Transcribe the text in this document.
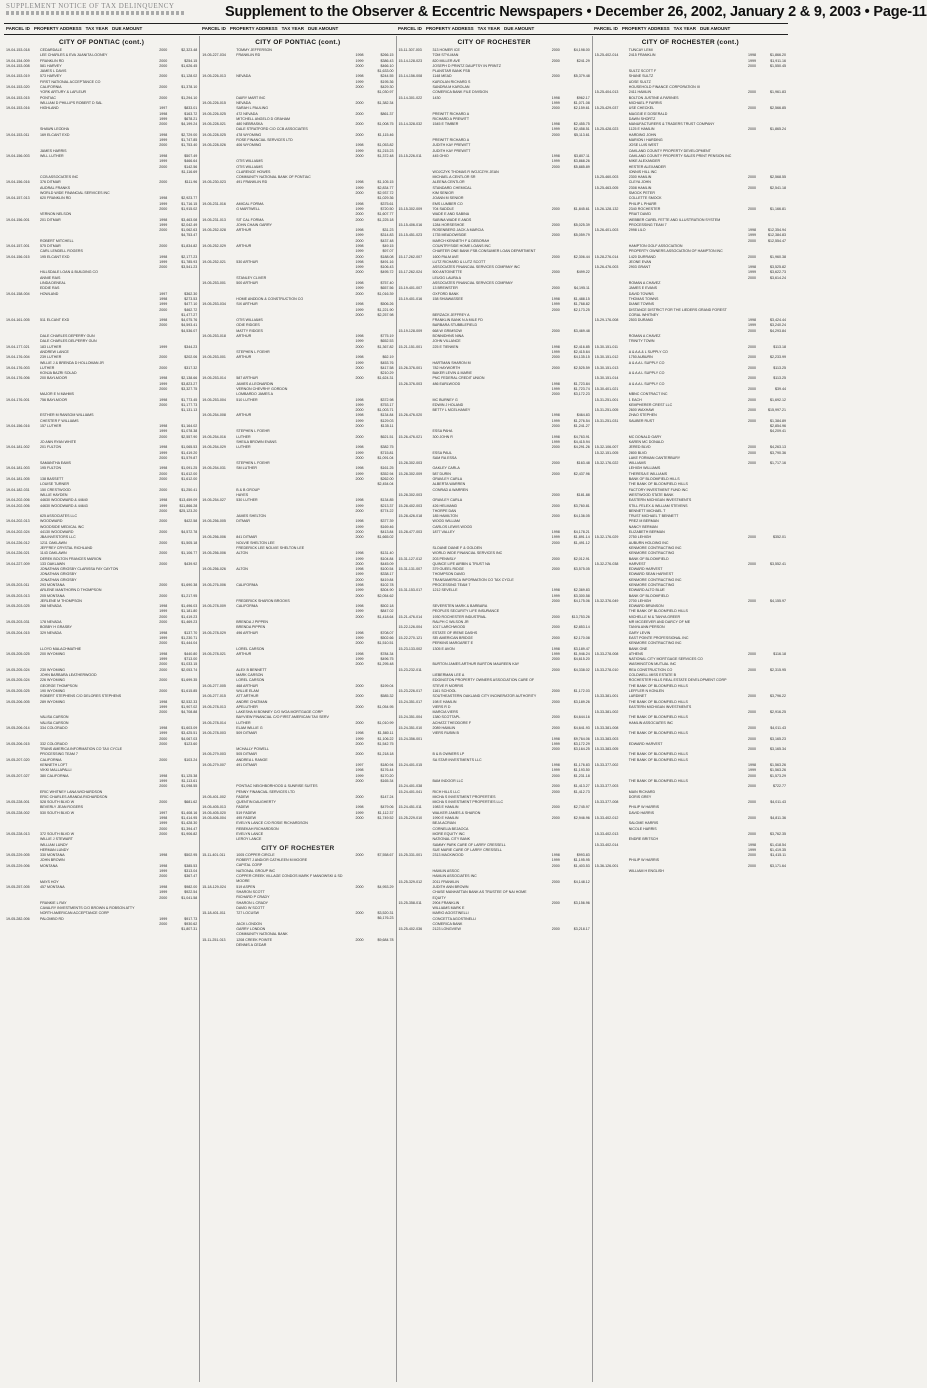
SUPPLEMENT NOTICE OF TAX DELINQUENCY	Supplement to the Observer & Eccentric Newspapers • December 26, 2002, January 2 & 9, 2003 • Page-11
PARCEL ID PROPERTY ADDRESS TAX YEAR DUE AMOUNT	PARCEL ID PROPERTY ADDRESS TAX YEAR DUE AMOUNT	PARCEL ID PROPERTY ADDRESS TAX YEAR DUE AMOUNT	PARCEL ID PROPERTY ADDRESS TAX YEAR DUE AMOUNT
CITY OF PONTIAC (cont.)
19-04-153-018	CEDARDALE	2000	$2,323.48
LEE CHARLES & EVA JUANITA LOONEY
19-04-154-009	FRANKLIN RD	2000	$254.15
19-04-153-008	581 HARVEY	2000	$1,626.45
JAMES L DAVIS
19-04-153-019	573 HARVEY	2000	$1,128.02
FIRST NATIONAL ACCEPTANCE CO
19-04-153-020	CALIFORNIA	2000	$1,378.10
YORK ARTURY & LAFLEUR
19-04-153-015	PONTIAC	2000	$1,294.10
WILLIAM D PHILLIPS ROBERT D SAL
19-04-153-016	HIGHLAND	1997	$833.01
1998	$163.72
1999	$678.21
2000	$4,199.24
SHAWN LEODHA
19-04-153-011	169 ELCANT EXD	1998	$2,729.00
1999	$1,747.85
2000	$1,753.40
JAMES HARRIS
19-04-156-003	WILL LUTHER	1998	$507.49
1999	$466.64
2000	$142.56
$1,116.69
CCB ASSOCIATES INC
19-04-156-016	376 DITMAR	2000	$111.96
AUDRAL FRANKS
WORLD WIDE FINANCIAL SERVICES INC
19-04-157-013	620 FRANKLIN RD	1998	$2,923.77
1999	$1,716.15
2000	$1,915.02
VERNON NELSON
19-04-156-001	201 DITMAR	1998	$3,463.08
1999	$2,042.49
2000	$1,062.63
$4,753.47
ROBERT MITCHELL
19-04-157-001	575 DITMAR	2000	$1,834.82
CARL LENDELL ROGERS
19-04-156-015	195 ELCANT EXD	1998	$2,177.23
1999	$1,785.93
2000	$3,541.23
HILLSDALE LOAN & BUILDING CO
ANNIE RAIS
LINDA DENEAL
EDDIE RAS
19-04-158-004	HOWLAND	1997	$362.30
1998	$273.53
1999	$477.10
2000	$462.72
$1,477.27
19-04-161-005	511 ELCANT EXD	1998	$4,075.76
2000	$4,593.41
$4,536.07
DALE CHARLES DEPERRY GUN
DALE CHARLES DELPERRY GUN
19-04-177-021	183 LUTHER	1999	$344.23
ANDREW LANCE
19-04-176-004	239 LUTHER	2000	$202.06
WILLIE J & BRENDA D HOLLOMAN JR
19-04-176-003	LUTHER	2000	$317.32
KONJA BAZRI SOLAD
19-04-176-006	200 BAYLMOOR	1998	$2,138.66
1999	$3,823.27
2000	$3,327.75
MAJOR E N MAHMS
19-04-176-001	756 BAYLMOOR	1998	$1,773.45
2000	$1,177.73
$1,131.13
ESTHER M RANSOM WILLIAMS
CHESTER F WILLIAMS
19-04-156-016	157 LUTHER	1998	$1,164.02
1999	$1,078.38
2000	$2,557.90
JO ANN RYAN WHITE
19-04-181-002	201 FULTON	1998	$1,065.53
1999	$1,419.20
2000	$1,579.87
SAMANTHA EAMS
19-04-181-003	195 FULTON	1998	$1,091.25
2000	$1,612.00
19-04-181-005	138 BASSETT	2000	$1,612.00
LOUISE TURNER
19-04-182-031	150 CRESTWOOD	2000	$1,250.41
WILLIE HAYDEN
19-04-202-006	44630 WOODWARD & 44640	1998	$13,459.09
19-04-202-006	44630 WOODWARD & 44643	1999	$11,866.28
2000	$25,123.20
625 ASSOCIATES LLC
19-04-202-013	WOODWARD	2000	$422.58
WOODSIDE MEDICAL INC
19-04-202-024	44130 WOODWARD	2000	$4,572.78
JBA INVESTORS LLC
19-04-226-012	1211 OAKLAWN	2000	$1,505.18
JEFFREY CRYSTAL RICHLAND
19-04-226-021	1143 OAKLAWN	2000	$1,106.77
DEREK BOLTON FRANCES MARION
19-04-227-009	133 OAKLAWN	2000	$439.92
JONATHAN GRIGSBY CLARISSA FAY CAYTON
JONATHAN GRIGSBY
JONATHAN GRIGSBY
19-05-203-011	293 MONTANA	2000	$1,690.38
ARLENE MANTHORN D THOMPSON
19-05-203-013	205 MONTANA	2000	$1,217.95
JERLENE M THOMPSON
19-05-203-025	268 NEVADA	1998	$1,496.03
1999	$1,181.80
2000	$1,419.23
19-05-203-031	178 NEVADA	2000	$1,469.23
BOBBY H GRASBY
19-05-204-015	329 NEVADA	1998	$137.70
1999	$1,230.71
2000	$1,444.04
LLOYD MALACHMATHIE
19-05-205-025	200 WYOMING	1998	$440.80
1999	$713.00
2000	$1,033.15
19-05-205-024	230 WYOMING	2000	$2,053.74
JOHN BARBARA LEATHERWOOD
19-05-205-024	226 WYOMING	2000	$1,699.35
GEORGE THOMPSON
19-05-205-025	190 WYOMING	2000	$1,615.85
ROBERT STEPHENS C/O DELORES STEPHENS
19-05-206-005	289 WYOMING	1998	$2,532.33
1999	$1,907.02
2000	$4,708.88
VALISA CARSON
VALISA CARSON
19-05-206-014	334 COLORADO	1998	$1,603.09
1999	$3,425.51
2000	$4,067.03
19-05-206-015	332 COLORADO	2000	$123.60
TRANS AMERICA INFORMATION CO TAX CYCLE
PROCESSING TEAM 7
19-05-207-020	CALIFORNIA	2000	$103.24
KENNETH LOFT
VIKKI MALLAPALLI
19-05-207-027	380 CALIFORNIA	1998	$1,125.38
1999	$1,113.61
2000	$1,098.55
ERIC WHITNEY LANA WICHARDSON
ERIC CHARLES ARANDA RICHARDSON
19-05-228-001	528 SOUTH BLVD W	2000	$681.62
BEVERLY JEAN ROGERS
19-05-228-002	530 SOUTH BLVD W	1997	$1,408.16
1998	$1,414.95
1999	$1,428.30
2000	$1,394.47
19-05-228-013	372 SOUTH BLVD W	2000	$1,906.82
WILLIE J STEWART
WILLIAM LUNDY
HERMAN LUNDY
19-05-229-005	330 MONTANA	1998	$502.95
JOHN BROWN
19-05-229-006	MONTANA	1998	$385.53
1999	$313.04
2000	$367.47
MAYS HOY
19-05-257-005	457 MONTANA	1998	$982.00
1999	$922.54
2000	$1,041.58
FRANKIE L RAY
CAVALRY INVESTMENTS C/O BROWN & ROBSON ATTY
NORTH AMERICAN ACCEPTANCE CORP
19-05-282-006	PALOMBO RD	1999	$917.73
2000	$930.62
$1,807.31
CITY OF PONTIAC (cont.)
TOMMY JEFFERSON
19-05-227-034	FRANKLIN RD	1998	$266.15
1999	$386.43
2000	$466.10
$1,633.00
19-05-226-013	NEVADA	1998	$244.55
1999	$195.36
2000	$429.30
$1,030.97
DAIRY MART INC
19-05-226-015	NEVADA	2000	$1,382.34
SARAH L PAULING
19-05-226-025	472 NEVADA	2000	$861.37
MITCHELL ANGELO D GRAHAM
19-05-228-021	480 NEBRASKA	2000	$1,008.75
DALE STRATFORD C/O CCB ASSOCIATES
19-05-228-025	478 WYOMING	2000	$1,115.46
ROSE FINANCIAL SERVICES LTD
19-05-228-026	406 WYOMING	1998	$1,053.82
1999	$1,215.23
2000	$1,372.48
OTIS WILLIAMS
OTIS WILLIAMS
CLARENCE HOWES
COMMUNITY NATIONAL BANK OF PONTIAC
19-05-230-023	491 FRANKLIN RD	1998	$1,105.15
1999	$2,834.77
2000	$2,937.72
$1,029.36
19-05-231-016	AMICAL FORMA	1998	$375.61
G MARTWELL	1999	$720.50
2000	$1,607.77
19-05-231-013	SIT CAL FORMA	2000	$1,225.18
JOHN CHAIN GARRY
19-05-252-028	ARTHUR	1998	$31.23
1999	$314.83
2000	$437.48
19-05-252-029	ARTHUR	1998	$49.15
1999	$97.07
2000	$188.08
19-05-252-021	530 ARTHUR	1998	$491.16
1999	$106.43
2000	$495.72
STANLEY CLIVER
19-05-253-001	500 ARTHUR	1998	$757.40
1999	$657.56
2000	$1,016.39
HOME ANDDON & CONSTRUCTION CO
19-05-253-034	SIX ARTHUR	1998	$506.26
1999	$1,221.90
2000	$2,257.98
OTIS WILLIAMS
ODIE RIDGES
MATTY RIDGES
19-05-253-018	ARTHUR	1998	$775.19
1999	$652.53
2000	$1,367.82
STEPHEN L FOEHR
19-05-253-001	ARTHUR	1998	$62.19
1999	$453.76
2000	$417.58
$210.29
19-05-253-014	587 ARTHUR	2000	$1,624.31
JAMES A LEONARDIN
VERNON CHEVRHY GORDON
LOMBARDO JAMES A
19-05-253-004	510 LUTHER	1998	$372.98
1999	$753.17
2000	$1,003.71
19-05-254-008	ARTHUR	1998	$134.84
1999	$129.03
2000	$135.11
STEPHEN L FOEHR
19-05-254-016	LUTHER	2000	$621.51
SHEILA BROWN EVANS
19-05-254-029	LUTHER	1998	$382.75
1999	$715.81
2000	$1,091.04
STEPHEN L FOEHR
19-05-254-031	SM LUTHER	1998	$161.25
1999	$352.94
2000	$262.00
$2,454.04
B & B GROUP
HAYES
19-05-254-027	530 LUTHER	1998	$134.85
1999	$213.37
2000	$774.22
JAMES SHELTON
19-05-256-005	DITMAR	1998	$377.39
1999	$169.46
2000	$413.84
19-05-256-006	841 DITMAR	2000	$1,665.02
NOLVIE SHELTON LEE
FREDERICK LEE NOLVIE SHELTON LEE
19-05-256-006	ALTON	1998	$131.40
1999	$104.84
2000	$445.09
19-05-256-026	ALTON	1998	$100.54
1999	$338.17
2000	$419.84
19-05-276-006	CALIFORNIA	1998	$102.78
1999	$304.90
2000	$2,054.62
FREDERICK SHARON BROOKS
19-05-278-009	CALIFORNIA	1998	$502.18
1999	$847.02
2000	$1,418.64
BRENDA J PIPPEN
BRENDA PIPPEN
19-05-278-029	496 ARTHUR	1998	$708.07
1999	$502.66
2000	$1,510.51
LOREL CARSON
19-05-278-021	ARTHUR	1998	$784.34
1999	$496.75
2000	$1,295.48
ALEX B BENNETT
MARK CARSON
LOREL CARSON
19-05-277-005	468 ARTHUR	2000	$199.04
WILLIE ELAM
19-05-277-015	ATT ARTHUR	2000	$585.32
ANDRE CHATMAN
19-05-278-013	APELUTHER	2000	$1,054.95
LAKESHA M BONNEY C/O WOA MORTGAGE CORP
BAYVIEW FINANCIAL C/O FIRST AMERICAN TAX SERV
19-05-278-014	LUTHER	2000	$1,010.99
ELAM WILLIE G
19-05-278-003	509 DITMAR	1998	$1,580.11
1999	$1,106.22
2000	$1,542.75
MCHALLY POWELL
19-05-279-003	505 DITMAR	2000	$1,218.18
ANDREA L RANGE
19-05-279-007	491 DITMAR	1997	$180.94
1998	$176.44
1999	$170.20
2000	$165.34
PONTIAC NEIGHBORHOOD & SUNRISE SUITES
PENNY FINANCIAL SERVICES LTD
19-05-401-002	FADEW	2000	$147.24
QUENTIN DAUGHERTY
19-05-405-013	FADEW	1998	$479.06
19-05-405-020	519 FADEW	1999	$1,112.37
19-05-406-004	495 FADEW	2000	$1,749.52
EVELYN LANCE C/O ROSIE RICHARDSON
REBEKAH RICHARDSON
EVELYN LANCE
LEROY LANCE
CITY OF ROCHESTER
15-11-401-011	1005 COPPER CIRCLE	2000	$7,558.67
ROBERT J AND/OR CATHLEEN M MOORE
CAPITAL CORP
NATIONAL GROUP INC
COPPER CREEK VILLAGE CONDOS MARK F MANOWSKI & SD
MOORE
15-18-129-024	519 ASPEN	2000	$4,953.29
SHARON SCOTT
RICHARD P CRADY
SHARON L CRADY
DAVID W SCOTT
15-18-401-011	727 LOCUSW	2000	$3,520.31
$6,176.23
JACK LONDON
GARRY LONDON
COMMUNITY NATIONAL BANK
15-11-251-013	1208 CREEK POINTE	2000	$9,684.78
DENNIS A CEDAR
CITY OF ROCHESTER
15-11-307-003	313 HOMER ICE	2000	$4,198.00
TOM STYLMAN
15-14-128-023	820 MILLER AVE	2000	$241.29
JOSEPH D PRINTZ DAUPTSY IN PRINTZ
PLANSTAR BANK FSB
15-14-156-008	1148 MEAD	2000	$5,379.48
KAROLAN RICHARD S
SANDRA M KAROLAN
COMERICA BANK FILE DIVISION
15-14-301-022	1430	1998	$962.17
1999	$1,071.08
2000	$2,159.61
PREWITT RICHARD A
RICHARD A PREWITT
15-14-328-032	1545 E TIMBER	1998	$2,455.75
1999	$2,458.51
2000	$5,113.61
PREWITT RICHARD A
JUDITH KAY PREWITT
JUDITH KAY PREWITT
15-15-226-011	445 OHIO	1998	$3,807.11
1999	$3,868.26
2000	$5,885.89
WOJCZYK THOMAS R WOJCZYK JEAN
MICHAEL A CENTLOR SR
ALEENA CENTLOR
STANDARD CHEMICAL
KIM SENIOR
JOANN M SENIOR
EMS LUMBER CO
15-15-302-009	704 SADDLE	2000	$1,845.61
WADE E AND SABINA
SABINA WADE E ANDS
15-15-406-016	1284 HORSESHOE	2000	$5,025.39
ROSENBERG JACK A MARCIA
15-15-451-023	1735 MEADOWSIDE	2000	$5,059.79
MARCH KENNETH F & DEBORAH
COUNTRYSIDE HOME LOANS INC
CHARTER ONE BANK FSB CONSUMER LOAN DEPARTMENT
15-17-262-007	1600 PALM AVE	2000	$2,306.44
LUTZ RICHARD & LUTZ SCOTT
ASSOCIATES FINANCIAL SERVICES COMPANY INC
15-17-262-024	500 ANTOINETTE	2000	$499.22
LEUGG LAURA A
ASSOCIATES FINANCIAL SERVICES COMPANY
15-19-401-007	13 BREWSTER	2000	$4,195.11
OXFORD BANK
15-19-401-016	158 SHIAWASSEE	1998	$1,488.15
1999	$1,768.82
2000	$2,173.25
BERZACK JEFFREY A
FRANKLIN BANK N A MILE FD
BARBARA STUBBLEFIELD
15-19-128-009	668 W GRIMSOW	2000	$3,469.48
BONNIDHNS NINA
JOHN VILLANCE
15-21-151-001	225 E TIENKEN	1998	$2,416.85
1999	$2,415.64
2000	$4,135.15
HARTMAN SHARON M
15-26-376-001	782 HAYWORTH	2000	$2,525.59
BAKER LEVIN & MARIE
PNC FEDERAL CREDIT UNION
15-26-376-003	486 EARLWOOD	1998	$1,723.84
1999	$1,723.74
2000	$3,172.23
MC BURNEY G
EDWIN J HOLAND
BETTY L MCELHANEY
15-26-476-020	1998	$464.83
1999	$1,276.54
2000	$1,241.27
ESSA PAHA
15-26-476-021	300 JOHN R	1998	$4,763.91
1999	$4,415.94
2000	$4,291.26
ESSA PAUL
SAM RA ESSA
15-28-302-003	2000	$163.48
OAKLEY CARLA
15-28-302-009	587 DURIN	2000	$2,437.96
GRAVLEY CARLA
ALBERTA WARREN
CONRAD A WARREN
15-28-302-003	2000	$181.88
GRAVLEY CARLA
15-28-402-003	426 HELMAND	2000	$3,760.81
THORPE DAN
15-28-426-018	185 HAMILTON	2000	$4,136.05
WOOD WILLIAM
CARLOS LEWIS WOOD
15-28-477-003	1877 VALLEY	1998	$4,178.21
1999	$1,891.14
2000	$1,491.12
SLOANE DIANE F & GOLDEN
WORLD WIDE FINANCIAL SERVICES INC
15-31-127-012	203 PENNSLY	2000	$2,012.91
QUINCE LIFE AIRBIN & TRUST NA
15-31-131-007	379 OUEEL RIDGE	2000	$3,575.05
THOMPSON DAVID
TRANSAMERICA INFORMATION CO TAX CYCLE
PROCESSING TEAM 7
15-31-153-017	1212 SEVELLE	1998	$2,369.83
1999	$3,300.58
2000	$4,175.06
SEVERSTEN MARK & BARBARA
PEOPLES SECURITY LIFE INSURANCE
15-21-476-014	1930 ROCHESTER INDUSTRIAL	2000	$13,753.26
RALPH C WILSON JR
15-22-126-004	1017 LARCHWOOD	2000	$2,853.14
ESTATE OF IRENE DASHS
15-22-270-121	SEI AMERICAN BRIDGE	2000	$2,170.08
PERKINS MARGARET E
15-23-133-002	1305 E AVON	1998	$3,189.47
1999	$1,946.24
2000	$4,615.20
BURTON JAMES ARTHUR BURTON MAUREEN KAY
15-23-232-011	2000	$4,338.02
LIEBERMAN LEE A
EDGINGTON PROPERTY OWNERS ASSOCIATION CARE OF
STEVE R MORRIS
15-23-226-017	1161 SCHOOL	2000	$1,172.03
SOUTHEASTERN OAKLAND CITY INCINERATOR AUTHORITY
15-24-351-017	198 E HAMLIN	2000	$3,189.26
VIERS R D
MARCIA VIERS
15-24-351-004	1380 SCOTTAPL	2000	$4,644.16
ACHATZ THEODORE F
15-24-351-010	2089 HAMLIN	2000	$4,641.93
VIERS RUBIN B
15-24-356-001	1998	$9,764.06
1999	$3,172.29
2000	$3,164.25
B & B OWNERS LP
SA STAR INVESTMENTS LLC
15-24-401-015	1998	$1,176.83
1999	$1,193.50
2000	$1,231.18
BAM INDOOR LLC
15-24-401-038	2000	$1,413.27
15-24-401-041	RICH HILLS LLC	2000	$1,412.73
MICHA S INVESTMENT PROPERTIES
MICHA S INVESTMENT PROPERTIES LLC
15-24-451-011	1983 E HAMLIN	2000	$2,745.97
WALKER JAMES & SHARON
15-25-229-010	1990 E HAMLIN	2000	$2,946.96
BEJA ACRIAN
CORNELIA BEJAOCA
MORE EQUITY INC
NATIONAL CITY BANK
SAMMY PARK CARE OF LARRY CRESSELL
SUE MARIE CARE OF LARRY CRESSELL
15-25-331-001	2313 MACKWOOD	1998	$993.83
1999	$1,195.95
2000	$1,403.53
HAMLIN ASSOC
HAMLIN ASSOCIATES INC
15-25-329-012	2011 FRANKLIN	2000	$4,148.12
JUDITH ANN BROWN
CHASE MANHATTAN BANK AS TRUSTEE OF NAI HOME
EQUITY
15-25-358-011	2904 FRANKLIN	2000	$3,156.96
WILLIAMS MARK E
MARIO AGOSTINELLI
CONCETTA AGOSTINELLI
COMERICA BANK
15-25-402-036	2123 LONGVIEW	2000	$3,218.17
CITY OF ROCHESTER (cont.)
TUNCAY LEMI
15-25-402-014	2415 FRANKLIN	1998	$1,866.20
1999	$1,911.16
2000	$1,550.45
SULTZ SCOTT F
SHANE SULTZ
UDSE SULTZ
HOUSEHOLD FINANCE CORPORATION III
15-25-404-013	2411 HAMLIN	2000	$1,961.83
BOLTON JUSTINE A FARINES
MICHAEL P FARRIS
15-25-429-037	USE CHECKEL	2000	$2,566.85
MAGGIE E DOSERALD
DAWN SHORTZ
MANUFACTURERS & TRADERS TRUST COMPANY
15-25-428-023	1125 E HAMLIN	2000	$1,865.24
HARDING JOHN
MARION I HARDING
JOSE LUIS WEST
OAKLAND COUNTY PROPERTY DEVELOPMENT
OAKLAND COUNTY PROPERTY SALES PRINT PENSION INC
MIKE ALEXANDER
HESTER ALEXANDER
IONNIS HILL INC
15-25-460-003	2300 HAMLIN	2000	$2,568.55
CLEYA JOHN
15-25-463-005	2308 HAMLIN	2000	$2,541.18
SMOCK PETER
COLLETTE SMOCK
PHILIP L PHARR
15-26-128-132	2340 ROCHESTER	2000	$1,166.81
PRAIT DAVID
WEBBER CAREL FETTE AND ILLUSTRATION SYSTEM
PROCESSING TEAM 7
15-26-401-003	2998 LILO	1998	$12,354.94
1999	$12,384.83
2000	$12,554.47
HAMPTON GOLF ASSOCIATION
PROPERTY OWNERS ASSOCIATION OF HAMPTON INC
15-28-276-014	1420 DURRAND	2000	$1,960.38
JEONE EVAN
15-26-476-003	2903 GRANT	1998	$3,525.82
1999	$3,622.73
2000	$3,614.24
ROMAN A CHAVEZ
JAMES E EVANS
DAVID TOWNS
THOMAS TOWNS
DIANE TOWNS
DISTANCE DISTRICT FOR THE LIEDERS GRAND FOREST
CORAL WHITNEY
15-29-176-008	2503 DURAND	1998	$3,424.44
1999	$3,240.24
2000	$4,293.84
ROMAN A CHAVEZ
TRINITY TOWN
15-30-151-011	2000	$113.18
A & A A & L SUPPLY CO
15-30-151-012	1750 AUBURN	2000	$2,233.99
A & A A L SUPPLY CO
15-30-151-013	2000	$113.25
A & A A L SUPPLY CO
15-30-151-014	2000	$113.25
A & A A L SUPPLY CO
15-30-401-021	2000	$39.44
MBNC CONTRACT INC
15-31-251-001	1 EACH	2000	$1,692.12
KEMPHERER CREST LLC
15-31-251-005	2600 WAXHAW	2000	$15,997.21
ZHAO STEPHEN
15-31-251-031	SAUBER RUST	2000	$1,384.89
$2,854.96
$4,209.41
MC DONALD GARY
KAREN MC DONALD
15-32-106-007	JERED BLVD	2000	$4,263.13
15-32-151-005	2800 BLVD	2000	$3,790.36
LAKE FORMAN CANTERBURY
15-32-176-022	WILLIAMS	2000	$1,717.16
LEHIGH WILLIAMS
THERESA E WILLIAMS
BANK OF BLOOMFIELD HILLS
THE BANK OF BLOOMFIELD HILLS
FACTORY INVESTMENT FUND INC
WESTWOOD STATE BANK
EASTERN MICHIGAN INVESTMENTS
STILL FELEX & WILLIAM STEVENS
BENNETT MICHAEL T
TRUST MICHAEL T BENNETT
PREZ M BERMAN
NANCY BERMAN
ELIZABETH BERMAN
15-32-176-029	2750 LEHIGH	2000	$352.01
AUBURN HOLDING INC
KENMORE CONTRACTING INC
KENMORE CONTRACTING
BANK OF BLOOMFIELD
15-32-276-038	HARVEST	2000	$3,552.41
EDWARD HARVEST
EDWARD SEAN HARVEST
KENMORE CONTRACTING INC
KENMORE CONTRACTING
EDWARD ALTO BLUE
BANK OF BLOOMFIELD
15-32-376-049	2700 LEHIGH	2000	$4,155.97
EDWARD BRUNSON
THE BANK OF BLOOMFIELD HILLS
MICHELLE M & TANYA GREER
MR MCGEEVER AND DARCY OF ME
TANYA ANN PERSON
GARY LEVIN
EAST POINTE PROFESSIONAL INC
KENMORE CONTRACTING INC
BANK ONE
15-33-278-008	ATHENS	2000	$116.18
NATIONAL CITY MORTGAGE SERVICES CO
WASHINGTON MUTUAL INC
15-33-278-010	REA CONSTRUCTION CO	2000	$2,315.95
COLDWELL MISS ESTATE B
ROCHESTER HILLS REAL ESTATE DEVELOPMENT CORP
THE BANK OF BLOOMFIELD HILLS
LEFFLER N KONLEN
15-33-381-001	LARDINET	2000	$3,796.22
THE BANK OF BLOOMFIELD HILLS
EASTERN MICHIGAN INVESTMENTS
15-33-381-002	2000	$2,916.25
THE BANK OF BLOOMFIELD HILLS
HAMLIN ASSOCIATES INC
15-33-381-008	2000	$4,011.43
THE BANK OF BLOOMFIELD HILLS
15-33-383-003	2000	$3,165.23
EDWARD HARVEST
15-33-383-005	2000	$3,165.34
THE BANK OF BLOOMFIELD HILLS
THE BANK OF BLOOMFIELD HILLS
15-33-377-002	1998	$1,563.26
1999	$1,563.26
2000	$1,573.29
THE BANK OF BLOOMFIELD HILLS
15-33-377-003	2000	$722.77
MAIN RICHARD
DORIS GREY
15-33-377-008	2000	$4,011.43
PHILIP W HARRIS
DAVID HARRIS
15-33-402-012	2000	$4,811.36
SALOME HARRIS
NICOLE HARRIS
15-33-402-013	2000	$3,762.35
ENDRE BRITSCH
15-33-402-014	1998	$1,418.54
1999	$1,419.35
2000	$1,415.11
PHILIP W HARRIS
15-36-126-001	2000	$3,171.64
WILLIAM H ENGLISH
